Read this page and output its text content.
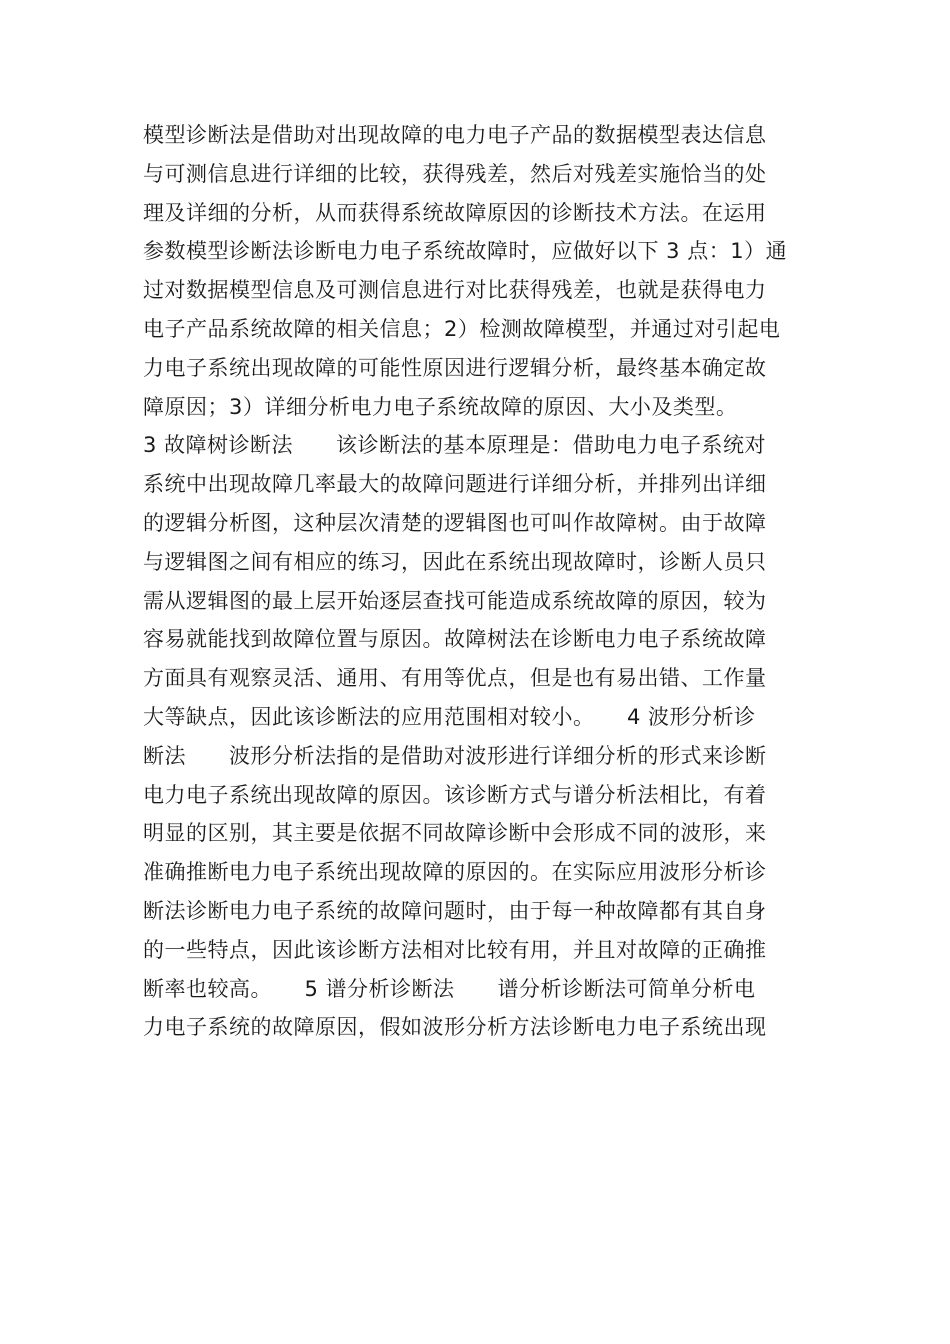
模型诊断法是借助对出现故障的电力电子产品的数据模型表达信息
与可测信息进行详细的比较，获得残差，然后对残差实施恰当的处
理及详细的分析，从而获得系统故障原因的诊断技术方法。在运用
参数模型诊断法诊断电力电子系统故障时，应做好以下 3 点：1）通
过对数据模型信息及可测信息进行对比获得残差，也就是获得电力
电子产品系统故障的相关信息；2）检测故障模型，并通过对引起电
力电子系统出现故障的可能性原因进行逻辑分析，最终基本确定故
障原因；3）详细分析电力电子系统故障的原因、大小及类型。
3 故障树诊断法　　该诊断法的基本原理是：借助电力电子系统对
系统中出现故障几率最大的故障问题进行详细分析，并排列出详细
的逻辑分析图，这种层次清楚的逻辑图也可叫作故障树。由于故障
与逻辑图之间有相应的练习，因此在系统出现故障时，诊断人员只
需从逻辑图的最上层开始逐层查找可能造成系统故障的原因，较为
容易就能找到故障位置与原因。故障树法在诊断电力电子系统故障
方面具有观察灵活、通用、有用等优点，但是也有易出错、工作量
大等缺点，因此该诊断法的应用范围相对较小。　　4 波形分析诊
断法　　波形分析法指的是借助对波形进行详细分析的形式来诊断
电力电子系统出现故障的原因。该诊断方式与谱分析法相比，有着
明显的区别，其主要是依据不同故障诊断中会形成不同的波形，来
准确推断电力电子系统出现故障的原因的。在实际应用波形分析诊
断法诊断电力电子系统的故障问题时，由于每一种故障都有其自身
的一些特点，因此该诊断方法相对比较有用，并且对故障的正确推
断率也较高。　　5 谱分析诊断法　　谱分析诊断法可简单分析电
力电子系统的故障原因，假如波形分析方法诊断电力电子系统出现
